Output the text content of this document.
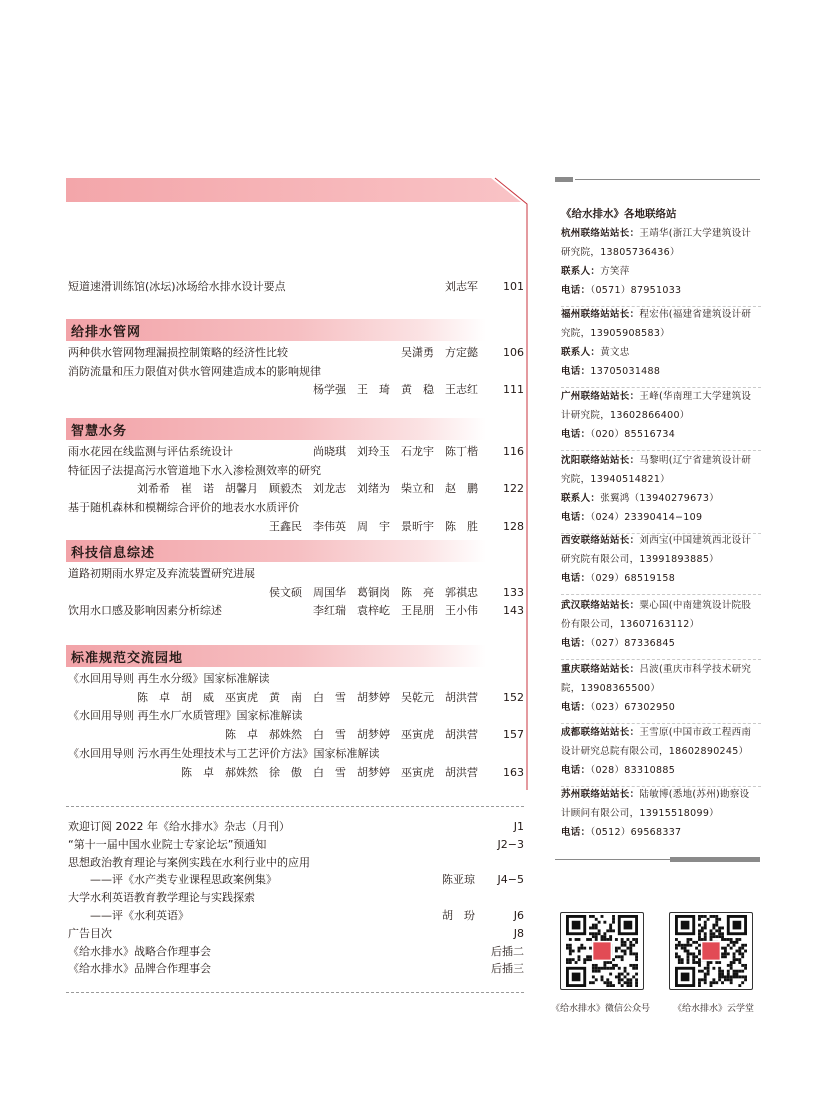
短道速滑训练馆(冰坛)冰场给水排水设计要点	刘志军	101
给排水管网
两种供水管网物理漏损控制策略的经济性比较	吴潇勇　方定懿	106
消防流量和压力限值对供水管网建造成本的影响规律
杨学强　王　琦　黄　稳　王志红	111
智慧水务
雨水花园在线监测与评估系统设计	尚晓琪　刘玲玉　石龙宇　陈丁楷	116
特征因子法提高污水管道地下水入渗检测效率的研究
刘希希　崔　诺　胡馨月　顾毅杰　刘龙志　刘绪为　柴立和　赵　鹏	122
基于随机森林和模糊综合评价的地表水水质评价
王鑫民　李伟英　周　宇　景昕宇　陈　胜	128
科技信息综述
道路初期雨水界定及弃流装置研究进展
侯文硕　周国华　葛铜岗　陈　亮　郭祺忠	133
饮用水口感及影响因素分析综述	李红瑞　袁梓屹　王昆朋　王小伟	143
标准规范交流园地
《水回用导则 再生水分级》国家标准解读
陈　卓　胡　威　巫寅虎　黄　南　白　雪　胡梦婷　吴乾元　胡洪营	152
《水回用导则 再生水厂水质管理》国家标准解读
陈　卓　郝姝然　白　雪　胡梦婷　巫寅虎　胡洪营	157
《水回用导则 污水再生处理技术与工艺评价方法》国家标准解读
陈　卓　郝姝然　徐　傲　白　雪　胡梦婷　巫寅虎　胡洪营	163
欢迎订阅 2022 年《给水排水》杂志（月刊）	J1
“第十一届中国水业院士专家论坛”预通知	J2−3
思想政治教育理论与案例实践在水利行业中的应用
　　——评《水产类专业课程思政案例集》	陈亚琼	J4−5
大学水利英语教育教学理论与实践探索
　　——评《水利英语》	胡　玢	J6
广告目次	J8
《给水排水》战略合作理事会	后插二
《给水排水》品牌合作理事会	后插三
《给水排水》各地联络站
杭州联络站站长：王靖华(浙江大学建筑设计
研究院，13805736436）
联系人：方笑萍
电话：（0571）87951033
福州联络站站长：程宏伟(福建省建筑设计研
究院，13905908583）
联系人：黄文忠
电话：13705031488
广州联络站站长：王峰(华南理工大学建筑设
计研究院，13602866400）
电话：（020）85516734
沈阳联络站站长：马黎明(辽宁省建筑设计研
究院，13940514821）
联系人：张翼鸿（13940279673）
电话：（024）23390414−109
西安联络站站长：刘西宝(中国建筑西北设计
研究院有限公司，13991893885）
电话：（029）68519158
武汉联络站站长：粟心国(中南建筑设计院股
份有限公司，13607163112）
电话：（027）87336845
重庆联络站站长：吕波(重庆市科学技术研究
院，13908365500）
电话：（023）67302950
成都联络站站长：王雪原(中国市政工程西南
设计研究总院有限公司，18602890245）
电话：（028）83310885
苏州联络站站长：陆敏博(悉地(苏州)勘察设
计顾问有限公司，13915518099）
电话：（0512）69568337
《给水排水》微信公众号	《给水排水》云学堂
